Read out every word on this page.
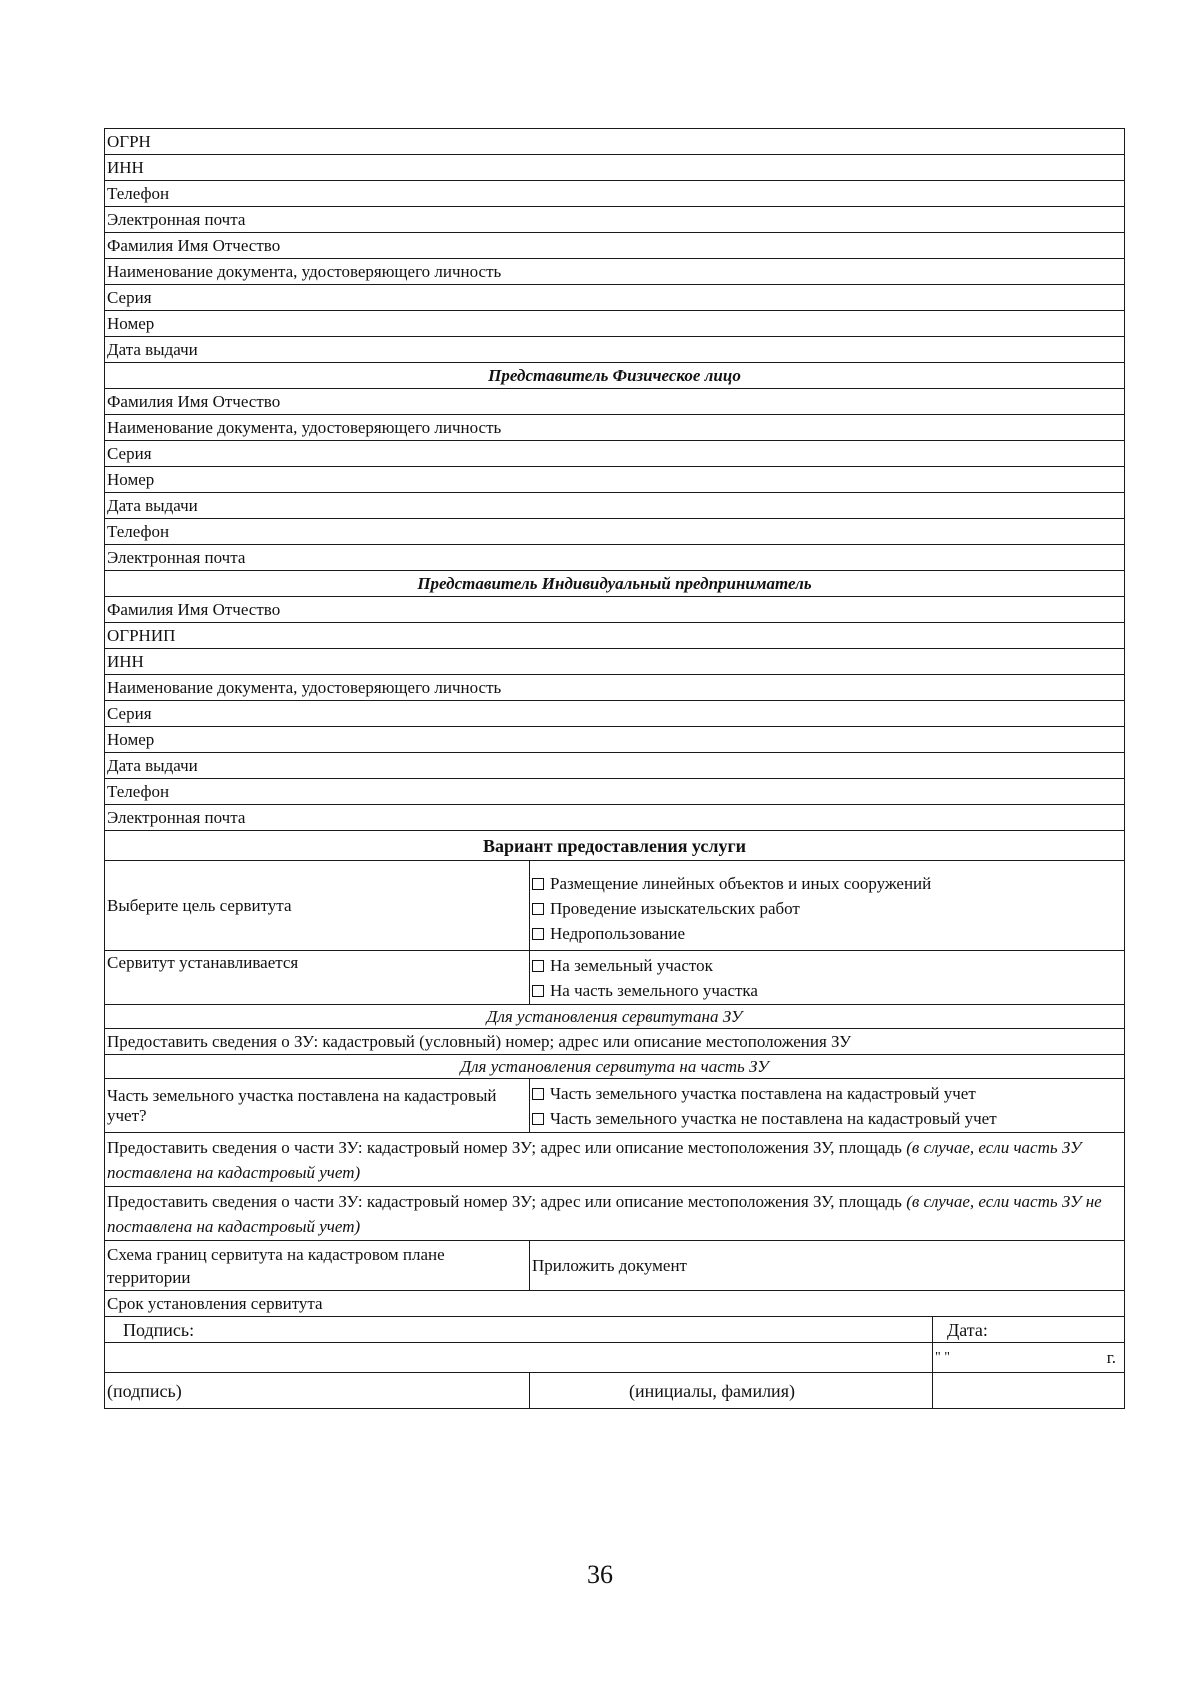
ОГРН		
ИНН		
Телефон		
Электронная почта		
Фамилия Имя Отчество		
Наименование документа, удостоверяющего личность		
Серия		
Номер		
Дата выдачи		
Представитель Физическое лицо		
Фамилия Имя Отчество		
Наименование документа, удостоверяющего личность		
Серия		
Номер		
Дата выдачи		
Телефон		
Электронная почта		
Представитель Индивидуальный предприниматель		
Фамилия Имя Отчество		
ОГРНИП		
ИНН		
Наименование документа, удостоверяющего личность		
Серия		
Номер		
Дата выдачи		
Телефон		
Электронная почта		
Вариант предоставления услуги		
Выберите цель сервитута	Размещение линейных объектов и иных сооружений
Проведение изыскательских работ
Недропользование	

Сервитут устанавливается	На земельный участок
На часть земельного участка	

Для установления сервитутана ЗУ		
Предоставить сведения о ЗУ: кадастровый (условный) номер; адрес или описание местоположения ЗУ		
Для установления сервитута на часть ЗУ		
Часть земельного участка поставлена на кадастровый учет?	Часть земельного участка поставлена на кадастровый учет
Часть земельного участка не поставлена на кадастровый учет	

Предоставить сведения о части ЗУ: кадастровый номер ЗУ; адрес или описание местоположения ЗУ, площадь (в случае, если часть ЗУ поставлена на кадастровый учет)		
Предоставить сведения о части ЗУ: кадастровый номер ЗУ; адрес или описание местоположения ЗУ, площадь (в случае, если часть ЗУ не поставлена на кадастровый учет)		
Схема границ сервитута на кадастровом плане территории	Приложить документ	
Срок установления сервитута		
Подпись:		Дата:

		" " г.

(подпись)	(инициалы, фамилия)	
36
